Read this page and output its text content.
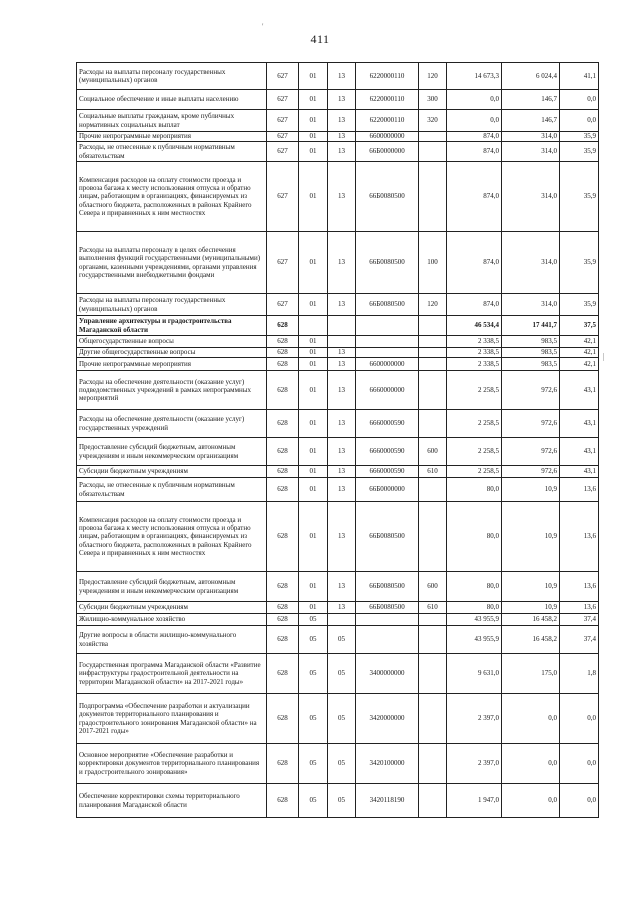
411
'
|
Расходы на выплаты персоналу государственных (муниципальных) органов	627	01	13	6220000110	120	14 673,3	6 024,4	41,1
Социальное обеспечение и иные выплаты населению	627	01	13	6220000110	300	0,0	146,7	0,0
Социальные выплаты гражданам, кроме публичных нормативных социальных выплат	627	01	13	6220000110	320	0,0	146,7	0,0
Прочие непрограммные мероприятия	627	01	13	6600000000		874,0	314,0	35,9
Расходы, не отнесенные к публичным нормативным обязательствам	627	01	13	66Б0000000		874,0	314,0	35,9
Компенсация расходов на оплату стоимости проезда и провоза багажа к месту использования отпуска и обратно лицам, работающим в организациях, финансируемых из областного бюджета, расположенных в районах Крайнего Севера и приравненных к ним местностях	627	01	13	66Б0080500		874,0	314,0	35,9
Расходы на выплаты персоналу в целях обеспечения выполнения функций государственными (муниципальными) органами, казенными учреждениями, органами управления государственными внебюджетными фондами	627	01	13	66Б0080500	100	874,0	314,0	35,9
Расходы на выплаты персоналу государственных (муниципальных) органов	627	01	13	66Б0080500	120	874,0	314,0	35,9
Управление архитектуры и градостроительства Магаданской области	628					46 534,4	17 441,7	37,5
Общегосударственные вопросы	628	01				2 338,5	983,5	42,1
Другие общегосударственные вопросы	628	01	13			2 338,5	983,5	42,1
Прочие непрограммные мероприятия	628	01	13	6600000000		2 338,5	983,5	42,1
Расходы на обеспечение деятельности (оказание услуг) подведомственных учреждений в рамках непрограммных мероприятий	628	01	13	6660000000		2 258,5	972,6	43,1
Расходы на обеспечение деятельности (оказание услуг) государственных учреждений	628	01	13	6660000590		2 258,5	972,6	43,1
Предоставление субсидий бюджетным, автономным учреждениям и иным некоммерческим организациям	628	01	13	6660000590	600	2 258,5	972,6	43,1
Субсидии бюджетным учреждениям	628	01	13	6660000590	610	2 258,5	972,6	43,1
Расходы, не отнесенные к публичным нормативным обязательствам	628	01	13	66Б0000000		80,0	10,9	13,6
Компенсация расходов на оплату стоимости проезда и провоза багажа к месту использования отпуска и обратно лицам, работающим в организациях, финансируемых из областного бюджета, расположенных в районах Крайнего Севера и приравненных к ним местностях	628	01	13	66Б0080500		80,0	10,9	13,6
Предоставление субсидий бюджетным, автономным учреждениям и иным некоммерческим организациям	628	01	13	66Б0080500	600	80,0	10,9	13,6
Субсидии бюджетным учреждениям	628	01	13	66Б0080500	610	80,0	10,9	13,6
Жилищно-коммунальное хозяйство	628	05				43 955,9	16 458,2	37,4
Другие вопросы в области жилищно-коммунального хозяйства	628	05	05			43 955,9	16 458,2	37,4
Государственная программа Магаданской области «Развитие инфраструктуры градостроительной деятельности на территории Магаданской области» на 2017-2021 годы»	628	05	05	3400000000		9 631,0	175,0	1,8
Подпрограмма «Обеспечение разработки и актуализации документов территориального планирования и градостроительного зонирования Магаданской области» на 2017-2021 годы»	628	05	05	3420000000		2 397,0	0,0	0,0
Основное мероприятие «Обеспечение разработки и корректировки документов территориального планирования и градостроительного зонирования»	628	05	05	3420100000		2 397,0	0,0	0,0
Обеспечение корректировки схемы территориального планирования Магаданской области	628	05	05	3420118190		1 947,0	0,0	0,0
